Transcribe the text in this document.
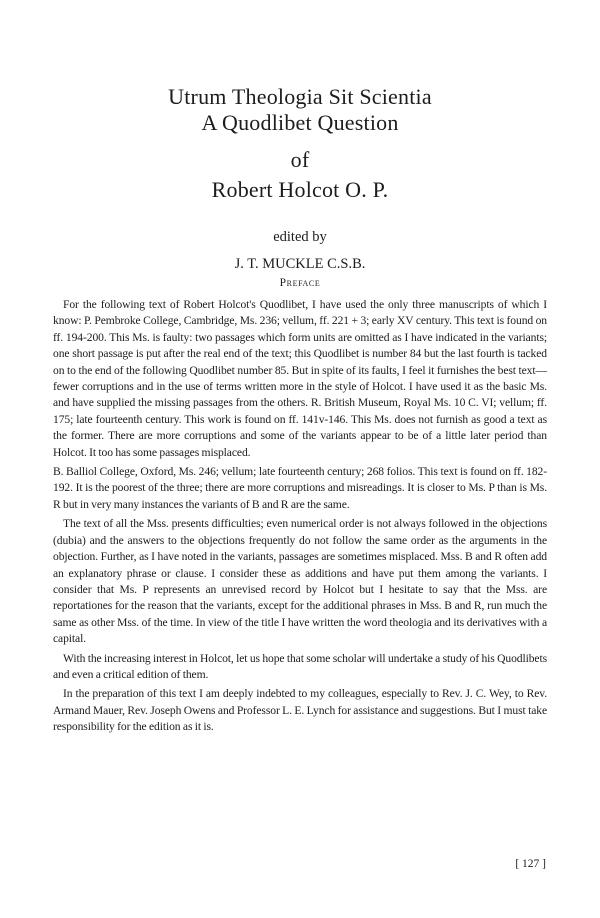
Utrum Theologia Sit Scientia
A Quodlibet Question
of
Robert Holcot O. P.
edited by
J. T. MUCKLE C.S.B.
Preface

For the following text of Robert Holcot's Quodlibet, I have used the only three manuscripts of which I know: P. Pembroke College, Cambridge, Ms. 236; vellum, ff. 221 + 3; early XV century. This text is found on ff. 194-200. This Ms. is faulty: two passages which form units are omitted as I have indicated in the variants; one short passage is put after the real end of the text; this Quodlibet is number 84 but the last fourth is tacked on to the end of the following Quodlibet number 85. But in spite of its faults, I feel it furnishes the best text—fewer corruptions and in the use of terms written more in the style of Holcot. I have used it as the basic Ms. and have supplied the missing passages from the others. R. British Museum, Royal Ms. 10 C. VI; vellum; ff. 175; late fourteenth century. This work is found on ff. 141v-146. This Ms. does not furnish as good a text as the former. There are more corruptions and some of the variants appear to be of a little later period than Holcot. It too has some passages misplaced.

B. Balliol College, Oxford, Ms. 246; vellum; late fourteenth century; 268 folios. This text is found on ff. 182-192. It is the poorest of the three; there are more corruptions and misreadings. It is closer to Ms. P than is Ms. R but in very many instances the variants of B and R are the same.

The text of all the Mss. presents difficulties; even numerical order is not always followed in the objections (dubia) and the answers to the objections frequently do not follow the same order as the arguments in the objection. Further, as I have noted in the variants, passages are sometimes misplaced. Mss. B and R often add an explanatory phrase or clause. I consider these as additions and have put them among the variants. I consider that Ms. P represents an unrevised record by Holcot but I hesitate to say that the Mss. are reportationes for the reason that the variants, except for the additional phrases in Mss. B and R, run much the same as other Mss. of the time. In view of the title I have written the word theologia and its derivatives with a capital.

With the increasing interest in Holcot, let us hope that some scholar will undertake a study of his Quodlibets and even a critical edition of them.

In the preparation of this text I am deeply indebted to my colleagues, especially to Rev. J. C. Wey, to Rev. Armand Mauer, Rev. Joseph Owens and Professor L. E. Lynch for assistance and suggestions. But I must take responsibility for the edition as it is.

[ 127 ]
